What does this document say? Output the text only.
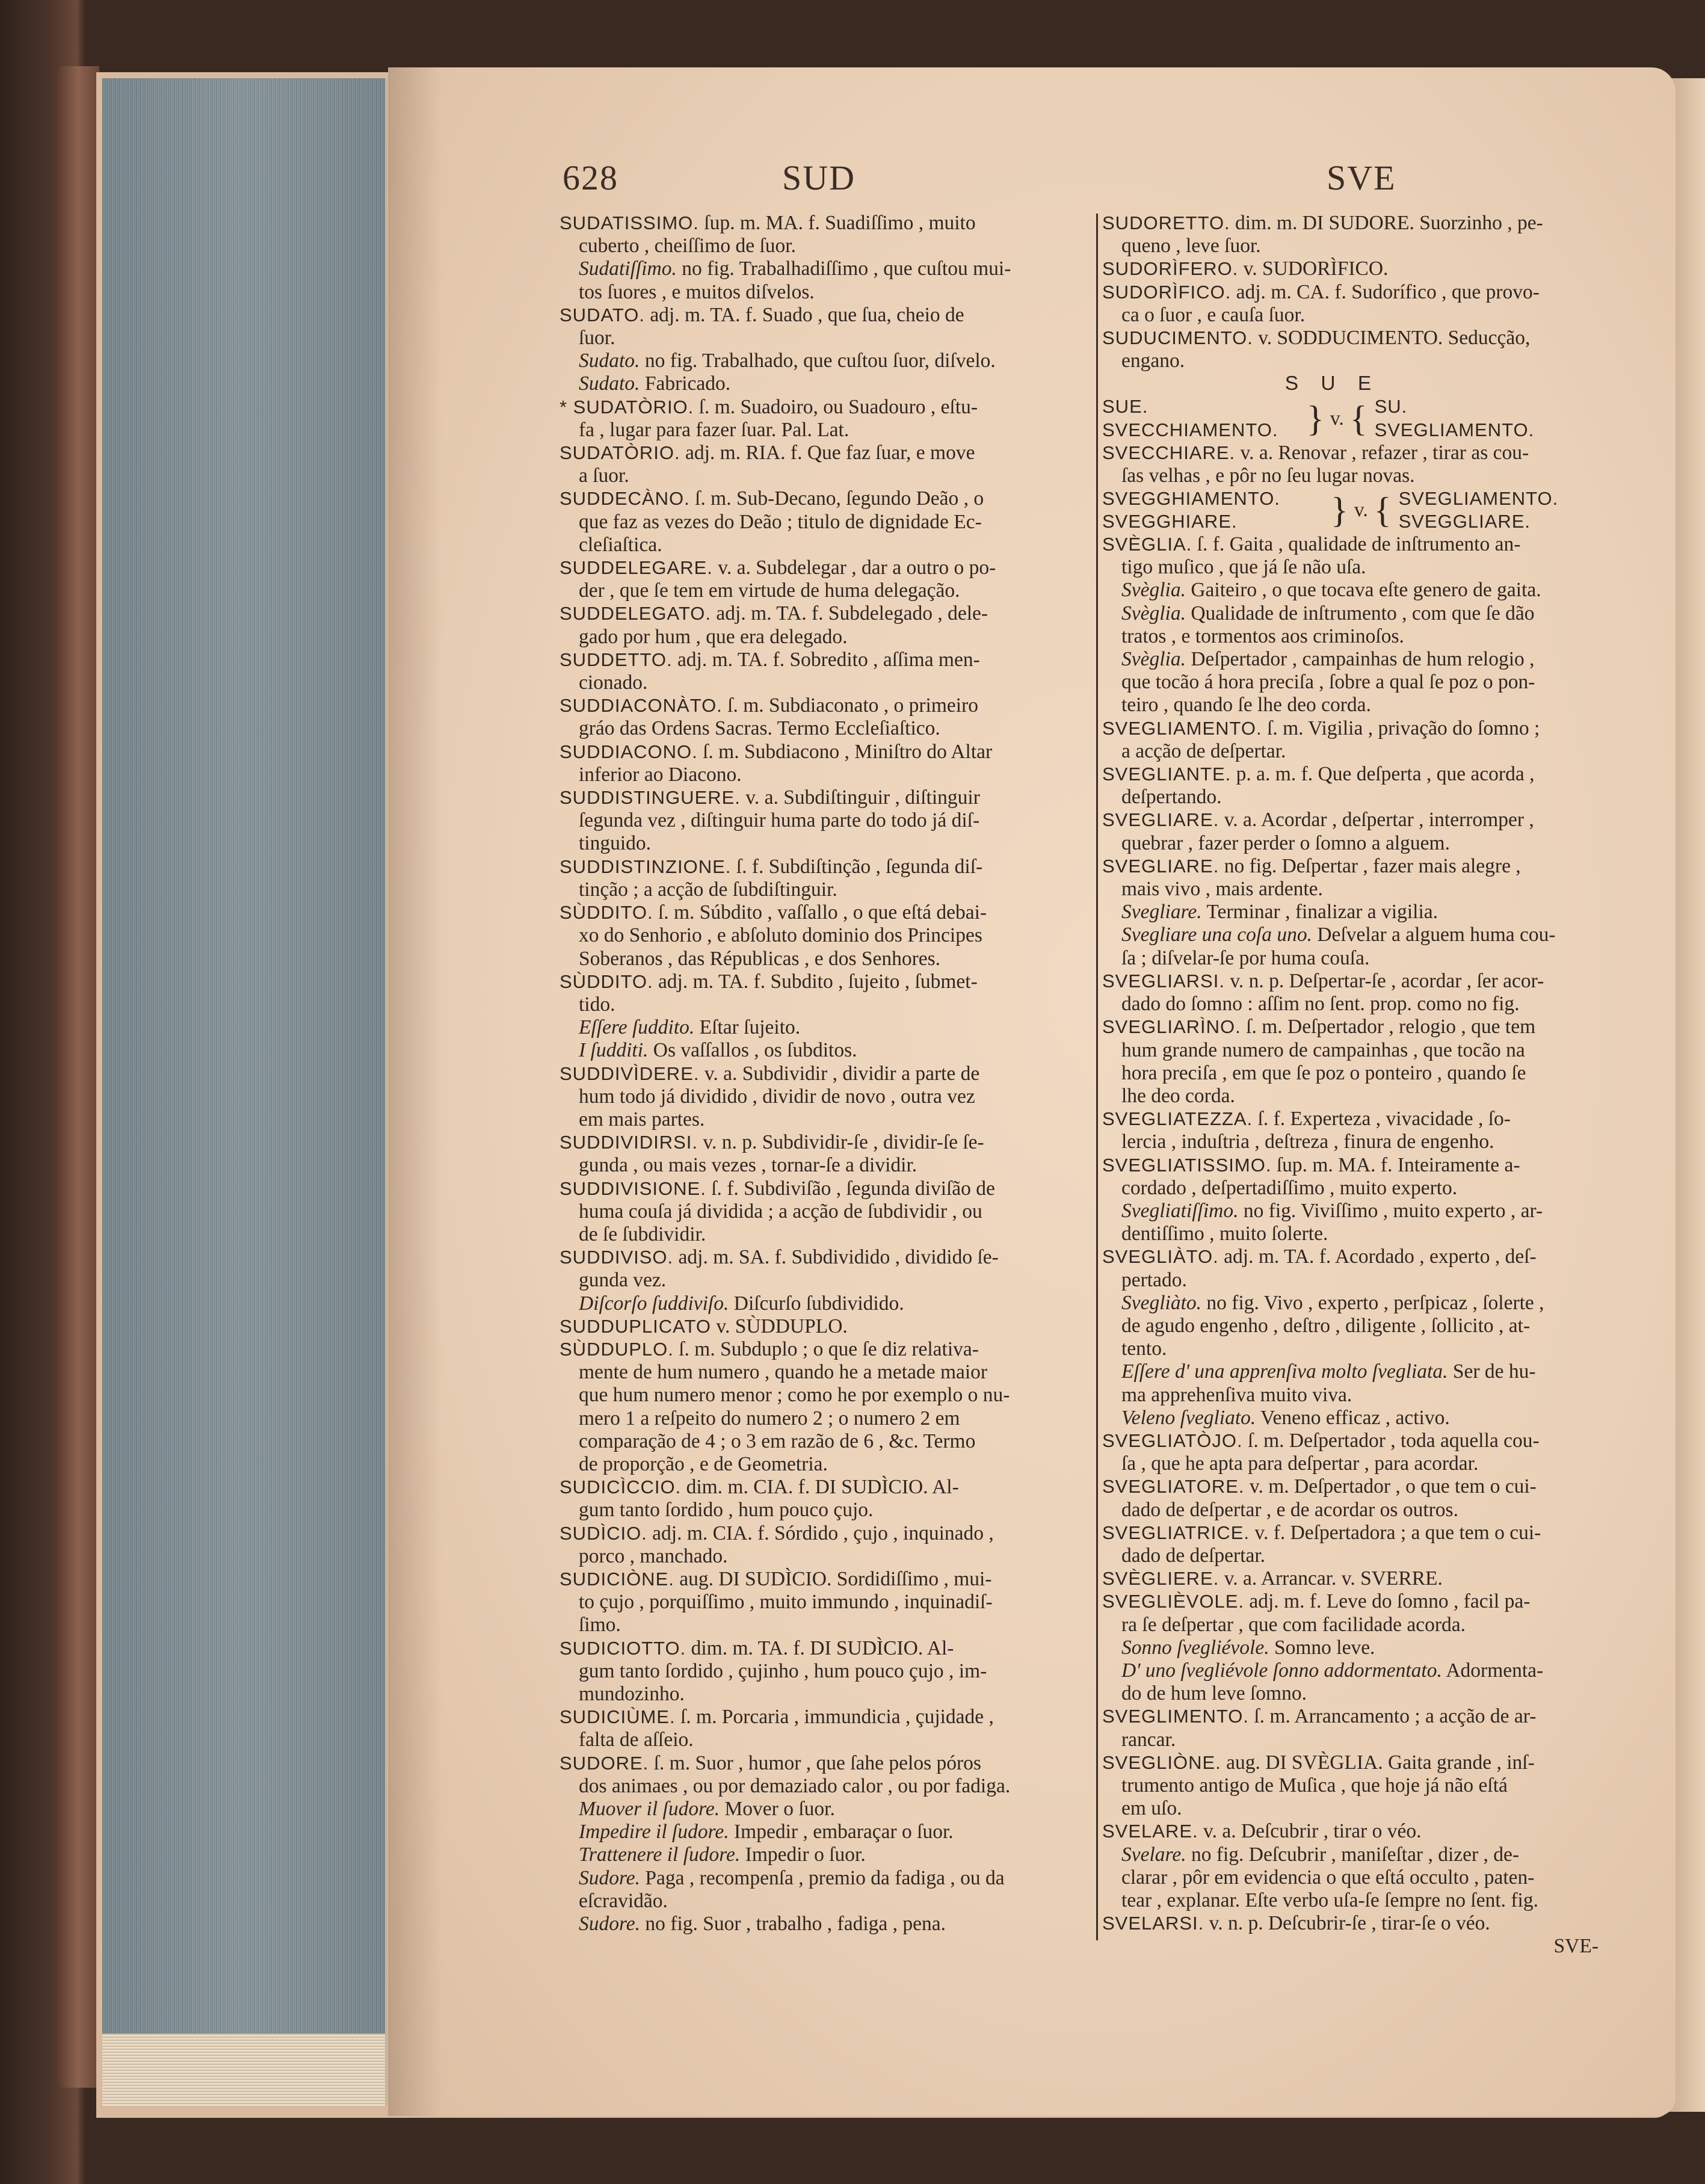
628	SUD	SVE

SUDATISSIMO. ſup. m. MA. f. Suadiſſimo , muito

cuberto , cheiſſimo de ſuor.

Sudatiſſimo. no fig. Trabalhadiſſimo , que cuſtou mui-

tos ſuores , e muitos diſvelos.

SUDATO. adj. m. TA. f. Suado , que ſua, cheio de

ſuor.

Sudato. no fig. Trabalhado, que cuſtou ſuor, diſvelo.

Sudato. Fabricado.

* SUDATÒRIO. ſ. m. Suadoiro, ou Suadouro , eſtu-

fa , lugar para fazer ſuar. Pal. Lat.

SUDATÒRIO. adj. m. RIA. f. Que faz ſuar, e move

a ſuor.

SUDDECÀNO. ſ. m. Sub-Decano, ſegundo Deão , o

que faz as vezes do Deão ; titulo de dignidade Ec-

cleſiaſtica.

SUDDELEGARE. v. a. Subdelegar , dar a outro o po-

der , que ſe tem em virtude de huma delegação.

SUDDELEGATO. adj. m. TA. f. Subdelegado , dele-

gado por hum , que era delegado.

SUDDETTO. adj. m. TA. f. Sobredito , aſſima men-

cionado.

SUDDIACONÀTO. ſ. m. Subdiaconato , o primeiro

gráo das Ordens Sacras. Termo Eccleſiaſtico.

SUDDIACONO. ſ. m. Subdiacono , Miniſtro do Altar

inferior ao Diacono.

SUDDISTINGUERE. v. a. Subdiſtinguir , diſtinguir

ſegunda vez , diſtinguir huma parte do todo já diſ-

tinguido.

SUDDISTINZIONE. ſ. f. Subdiſtinção , ſegunda diſ-

tinção ; a acção de ſubdiſtinguir.

SÙDDITO. ſ. m. Súbdito , vaſſallo , o que eſtá debai-

xo do Senhorio , e abſoluto dominio dos Principes

Soberanos , das Républicas , e dos Senhores.

SÙDDITO. adj. m. TA. f. Subdito , ſujeito , ſubmet-

tido.

Eſſere ſuddito. Eſtar ſujeito.

I ſudditi. Os vaſſallos , os ſubditos.

SUDDIVÌDERE. v. a. Subdividir , dividir a parte de

hum todo já dividido , dividir de novo , outra vez

em mais partes.

SUDDIVIDIRSI. v. n. p. Subdividir-ſe , dividir-ſe ſe-

gunda , ou mais vezes , tornar-ſe a dividir.

SUDDIVISIONE. ſ. f. Subdiviſão , ſegunda diviſão de

huma couſa já dividida ; a acção de ſubdividir , ou

de ſe ſubdividir.

SUDDIVISO. adj. m. SA. f. Subdividido , dividido ſe-

gunda vez.

Diſcorſo ſuddiviſo. Diſcurſo ſubdividido.

SUDDUPLICATO v. SÙDDUPLO.

SÙDDUPLO. ſ. m. Subduplo ; o que ſe diz relativa-

mente de hum numero , quando he a metade maior

que hum numero menor ; como he por exemplo o nu-

mero 1 a reſpeito do numero 2 ; o numero 2 em

comparação de 4 ; o 3 em razão de 6 , &c. Termo

de proporção , e de Geometria.

SUDICÌCCIO. dim. m. CIA. f. DI SUDÌCIO. Al-

gum tanto ſordido , hum pouco çujo.

SUDÌCIO. adj. m. CIA. f. Sórdido , çujo , inquinado ,

porco , manchado.

SUDICIÒNE. aug. DI SUDÌCIO. Sordidiſſimo , mui-

to çujo , porquiſſimo , muito immundo , inquinadiſ-

ſimo.

SUDICIOTTO. dim. m. TA. f. DI SUDÌCIO. Al-

gum tanto ſordido , çujinho , hum pouco çujo , im-

mundozinho.

SUDICIÙME. ſ. m. Porcaria , immundicia , çujidade ,

falta de aſſeio.

SUDORE. ſ. m. Suor , humor , que ſahe pelos póros

dos animaes , ou por demaziado calor , ou por fadiga.

Muover il ſudore. Mover o ſuor.

Impedire il ſudore. Impedir , embaraçar o ſuor.

Trattenere il ſudore. Impedir o ſuor.

Sudore. Paga , recompenſa , premio da fadiga , ou da

eſcravidão.

Sudore. no fig. Suor , trabalho , fadiga , pena.

SUDORETTO. dim. m. DI SUDORE. Suorzinho , pe-

queno , leve ſuor.

SUDORÌFERO. v. SUDORÌFICO.

SUDORÌFICO. adj. m. CA. f. Sudorífico , que provo-

ca o ſuor , e cauſa ſuor.

SUDUCIMENTO. v. SODDUCIMENTO. Seducção,

engano.

S U E

SUE.

SVECCHIAMENTO. } v. { SU.

SVEGLIAMENTO.

SVECCHIARE. v. a. Renovar , refazer , tirar as cou-

ſas velhas , e pôr no ſeu lugar novas.

SVEGGHIAMENTO.

SVEGGHIARE.	} v. { SVEGLIAMENTO.

SVEGGLIARE.

SVÈGLIA. ſ. f. Gaita , qualidade de inſtrumento an-

tigo muſico , que já ſe não uſa.

Svèglia. Gaiteiro , o que tocava eſte genero de gaita.

Svèglia. Qualidade de inſtrumento , com que ſe dão

tratos , e tormentos aos criminoſos.

Svèglia. Deſpertador , campainhas de hum relogio ,

que tocão á hora preciſa , ſobre a qual ſe poz o pon-

teiro , quando ſe lhe deo corda.

SVEGLIAMENTO. ſ. m. Vigilia , privação do ſomno ;

a acção de deſpertar.

SVEGLIANTE. p. a. m. f. Que deſperta , que acorda ,

deſpertando.

SVEGLIARE. v. a. Acordar , deſpertar , interromper ,

quebrar , fazer perder o ſomno a alguem.

SVEGLIARE. no fig. Deſpertar , fazer mais alegre ,

mais vivo , mais ardente.

Svegliare. Terminar , finalizar a vigilia.

Svegliare una coſa uno. Deſvelar a alguem huma cou-

ſa ; diſvelar-ſe por huma couſa.

SVEGLIARSI. v. n. p. Deſpertar-ſe , acordar , ſer acor-

dado do ſomno : aſſim no ſent. prop. como no fig.

SVEGLIARÌNO. ſ. m. Deſpertador , relogio , que tem

hum grande numero de campainhas , que tocão na

hora preciſa , em que ſe poz o ponteiro , quando ſe

lhe deo corda.

SVEGLIATEZZA. ſ. f. Experteza , vivacidade , ſo-

lercia , induſtria , deſtreza , finura de engenho.

SVEGLIATISSIMO. ſup. m. MA. f. Inteiramente a-

cordado , deſpertadiſſimo , muito experto.

Svegliatiſſimo. no fig. Viviſſimo , muito experto , ar-

dentiſſimo , muito ſolerte.

SVEGLIÀTO. adj. m. TA. f. Acordado , experto , deſ-

pertado.

Svegliàto. no fig. Vivo , experto , perſpicaz , ſolerte ,

de agudo engenho , deſtro , diligente , ſollicito , at-

tento.

Eſſere d' una apprenſiva molto ſvegliata. Ser de hu-

ma apprehenſiva muito viva.

Veleno ſvegliato. Veneno efficaz , activo.

SVEGLIATÒJO. ſ. m. Deſpertador , toda aquella cou-

ſa , que he apta para deſpertar , para acordar.

SVEGLIATORE. v. m. Deſpertador , o que tem o cui-

dado de deſpertar , e de acordar os outros.

SVEGLIATRICE. v. f. Deſpertadora ; a que tem o cui-

dado de deſpertar.

SVÈGLIERE. v. a. Arrancar. v. SVERRE.

SVEGLIÈVOLE. adj. m. f. Leve do ſomno , facil pa-

ra ſe deſpertar , que com facilidade acorda.

Sonno ſvegliévole. Somno leve.

D' uno ſvegliévole ſonno addormentato. Adormenta-

do de hum leve ſomno.

SVEGLIMENTO. ſ. m. Arrancamento ; a acção de ar-

rancar.

SVEGLIÒNE. aug. DI SVÈGLIA. Gaita grande , inſ-

trumento antigo de Muſica , que hoje já não eſtá

em uſo.

SVELARE. v. a. Deſcubrir , tirar o véo.

Svelare. no fig. Deſcubrir , maniſeſtar , dizer , de-

clarar , pôr em evidencia o que eſtá occulto , paten-

tear , explanar. Eſte verbo uſa-ſe ſempre no ſent. fig.

SVELARSI. v. n. p. Deſcubrir-ſe , tirar-ſe o véo.

SVE-
